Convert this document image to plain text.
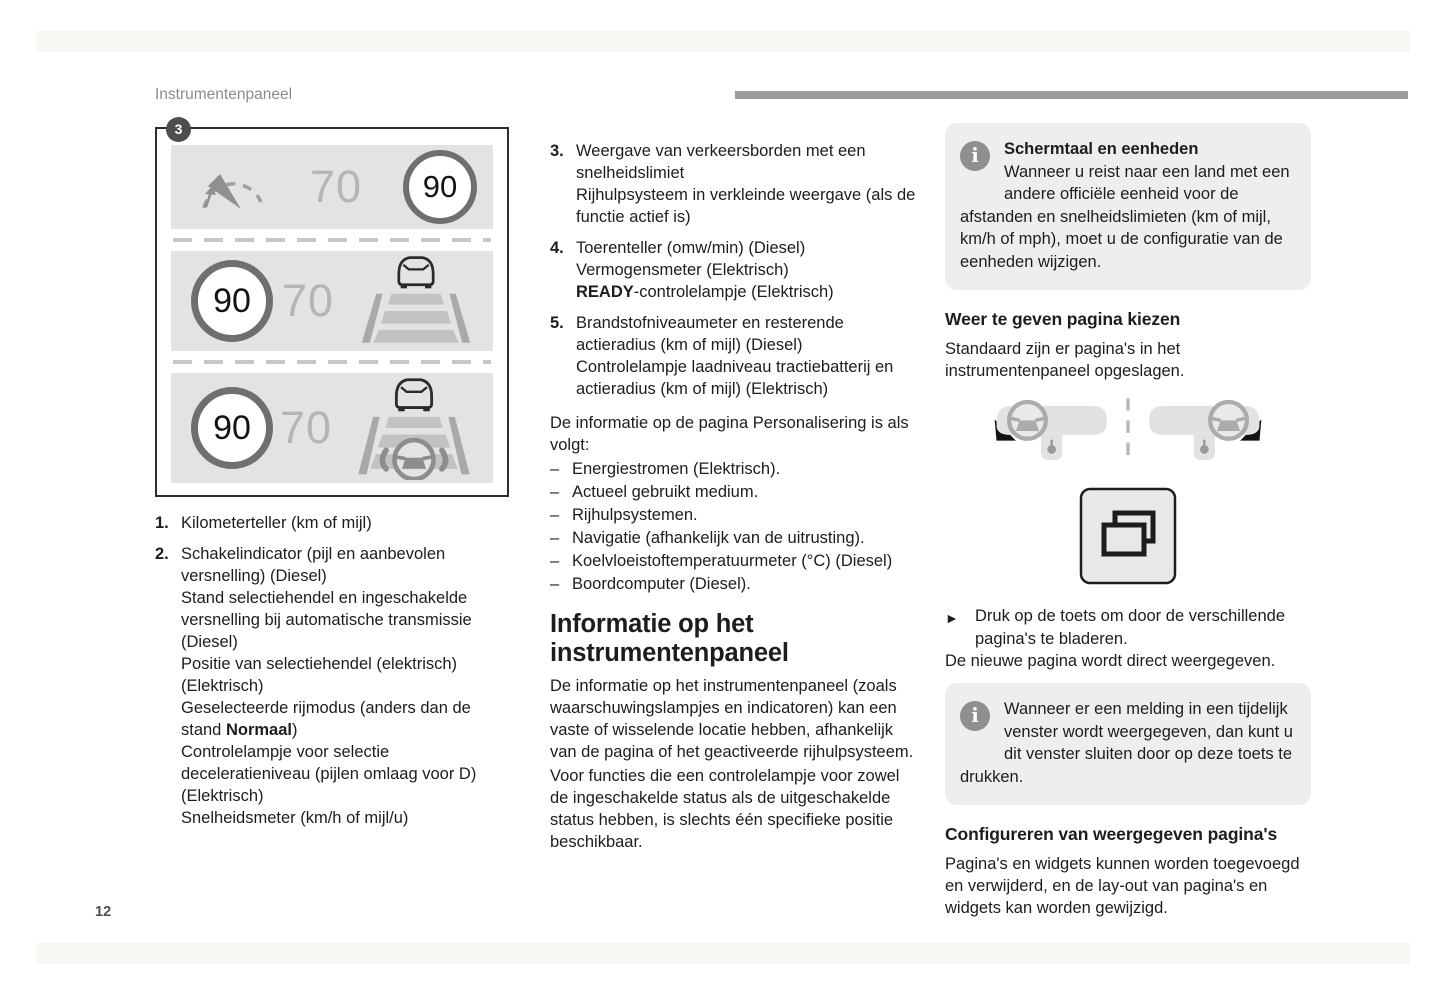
Instrumentenpaneel
12
3
70	90
90 70
90 70
1. Kilometerteller (km of mijl)
2. Schakelindicator (pijl en aanbevolen versnelling) (Diesel)
Stand selectiehendel en ingeschakelde versnelling bij automatische transmissie (Diesel)
Positie van selectiehendel (elektrisch) (Elektrisch)
Geselecteerde rijmodus (anders dan de stand Normaal)
Controlelampje voor selectie deceleratieniveau (pijlen omlaag voor D) (Elektrisch)
Snelheidsmeter (km/h of mijl/u)
3. Weergave van verkeersborden met een snelheidslimiet
Rijhulpsysteem in verkleinde weergave (als de functie actief is)
4. Toerenteller (omw/min) (Diesel)
Vermogensmeter (Elektrisch)
READY-controlelampje (Elektrisch)
5. Brandstofniveaumeter en resterende actieradius (km of mijl) (Diesel)
Controlelampje laadniveau tractiebatterij en actieradius (km of mijl) (Elektrisch)

De informatie op de pagina Personalisering is als volgt:

– Energiestromen (Elektrisch).
– Actueel gebruikt medium.
– Rijhulpsystemen.
– Navigatie (afhankelijk van de uitrusting).
– Koelvloeistoftemperatuurmeter (°C) (Diesel)
– Boordcomputer (Diesel).
Informatie op het instrumentenpaneel

De informatie op het instrumentenpaneel (zoals waarschuwingslampjes en indicatoren) kan een vaste of wisselende locatie hebben, afhankelijk van de pagina of het geactiveerde rijhulpsysteem.

Voor functies die een controlelampje voor zowel de ingeschakelde status als de uitgeschakelde status hebben, is slechts één specifieke positie beschikbaar.

i	Schermtaal en eenheden
Wanneer u reist naar een land met een andere officiële eenheid voor de afstanden en snelheidslimieten (km of mijl, km/h of mph), moet u de configuratie van de eenheden wijzigen.
Weer te geven pagina kiezen

Standaard zijn er pagina's in het instrumentenpaneel opgeslagen.

► Druk op de toets om door de verschillende pagina's te bladeren.

De nieuwe pagina wordt direct weergegeven.

i	Wanneer er een melding in een tijdelijk venster wordt weergegeven, dan kunt u dit venster sluiten door op deze toets te drukken.
Configureren van weergegeven pagina's

Pagina's en widgets kunnen worden toegevoegd en verwijderd, en de lay-out van pagina's en widgets kan worden gewijzigd.
